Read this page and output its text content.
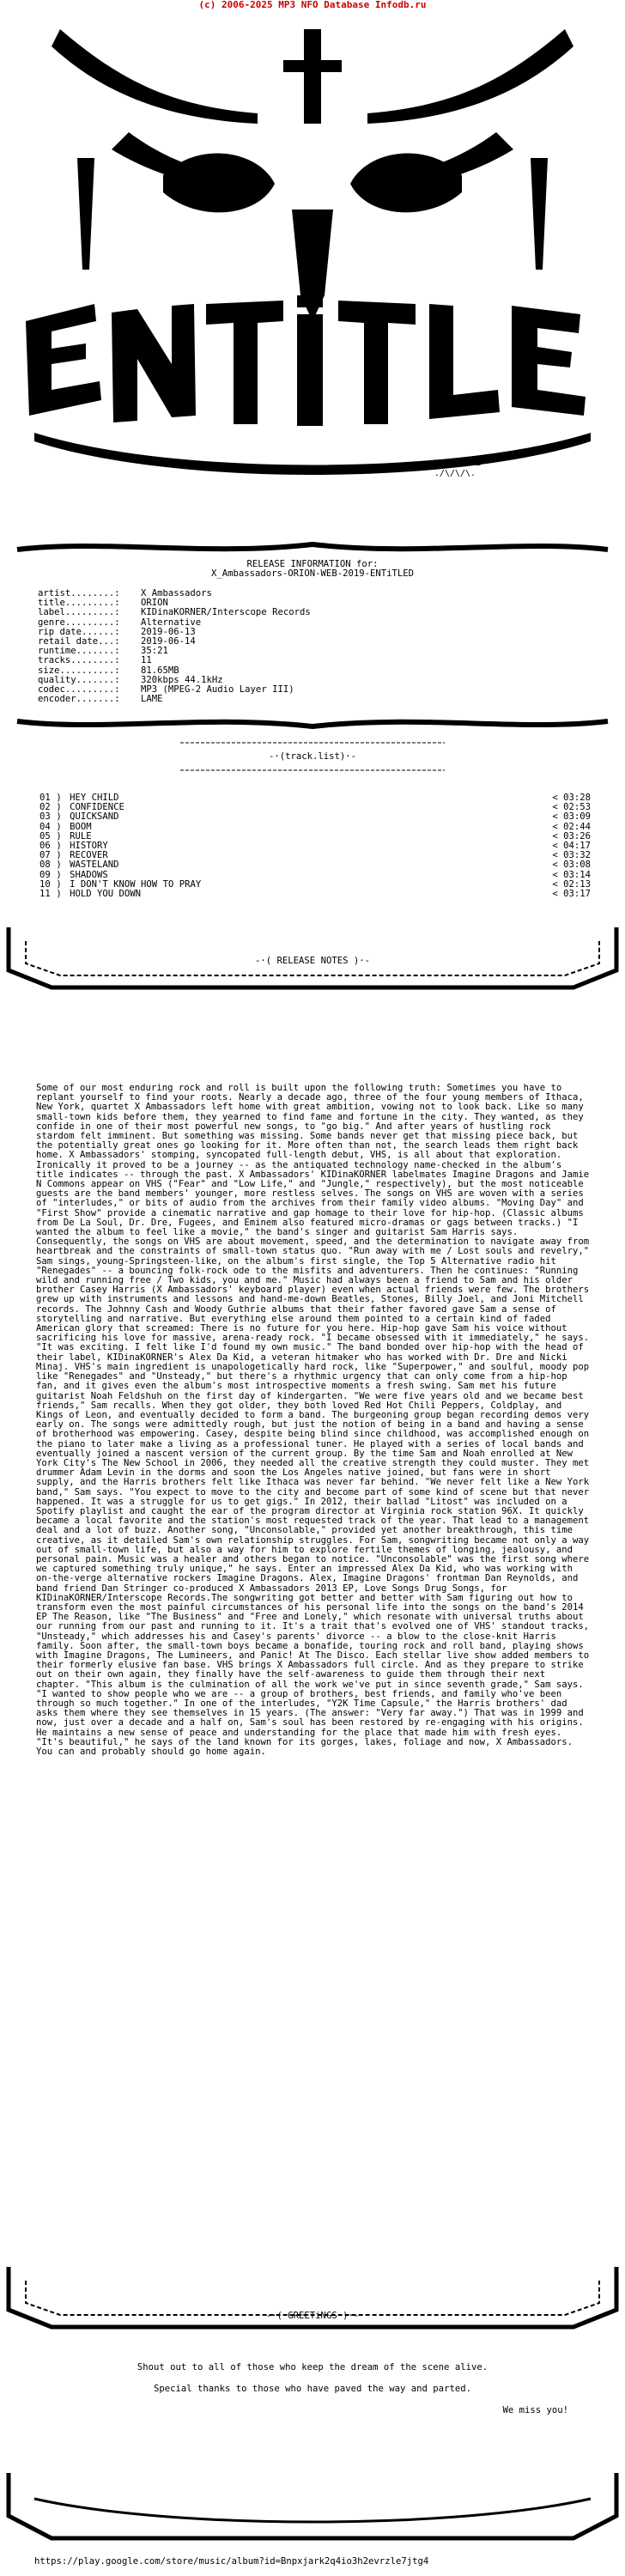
(c) 2006-2025 MP3 NFO Database Infodb.ru
sHIiNMPURE
./\/\/\.
RELEASE INFORMATION for:
X_Ambassadors-ORION-WEB-2019-ENTiTLED
artist........:	X Ambassadors
title.........:	ORION
label.........:	KIDinaKORNER/Interscope Records
genre.........:	Alternative
rip date......:	2019-06-13
retail date...:	2019-06-14
runtime.......:	35:21
tracks........:	11
size..........:	81.65MB
quality.......:	320kbps 44.1kHz
codec.........:	MP3 (MPEG-2 Audio Layer III)
encoder.......:	LAME
-·(track.list)·-
01 ) HEY CHILD	< 03:28
02 ) CONFIDENCE	< 02:53
03 ) QUICKSAND	< 03:09
04 ) BOOM	< 02:44
05 ) RULE	< 03:26
06 ) HISTORY	< 04:17
07 ) RECOVER	< 03:32
08 ) WASTELAND	< 03:08
09 ) SHADOWS	< 03:14
10 ) I DON'T KNOW HOW TO PRAY	< 02:13
11 ) HOLD YOU DOWN	< 03:17
-·( RELEASE NOTES )·-

Some of our most enduring rock and roll is built upon the following truth: Sometimes you have to replant yourself to find your roots. Nearly a decade ago, three of the four young members of Ithaca, New York, quartet X Ambassadors left home with great ambition, vowing not to look back. Like so many small-town kids before them, they yearned to find fame and fortune in the city. They wanted, as they confide in one of their most powerful new songs, to "go big." And after years of hustling rock stardom felt imminent. But something was missing. Some bands never get that missing piece back, but the potentially great ones go looking for it. More often than not, the search leads them right back home. X Ambassadors' stomping, syncopated full-length debut, VHS, is all about that exploration. Ironically it proved to be a journey -- as the antiquated technology name-checked in the album's title indicates -- through the past. X Ambassadors' KIDinaKORNER labelmates Imagine Dragons and Jamie N Commons appear on VHS ("Fear" and "Low Life," and "Jungle," respectively), but the most noticeable guests are the band members' younger, more restless selves. The songs on VHS are woven with a series of "interludes," or bits of audio from the archives from their family video albums. "Moving Day" and "First Show" provide a cinematic narrative and gap homage to their love for hip-hop. (Classic albums from De La Soul, Dr. Dre, Fugees, and Eminem also featured micro-dramas or gags between tracks.) "I wanted the album to feel like a movie," the band's singer and guitarist Sam Harris says. Consequently, the songs on VHS are about movement, speed, and the determination to navigate away from heartbreak and the constraints of small-town status quo. "Run away with me / Lost souls and revelry," Sam sings, young-Springsteen-like, on the album's first single, the Top 5 Alternative radio hit "Renegades" -- a bouncing folk-rock ode to the misfits and adventurers. Then he continues: "Running wild and running free / Two kids, you and me." Music had always been a friend to Sam and his older brother Casey Harris (X Ambassadors' keyboard player) even when actual friends were few. The brothers grew up with instruments and lessons and hand-me-down Beatles, Stones, Billy Joel, and Joni Mitchell records. The Johnny Cash and Woody Guthrie albums that their father favored gave Sam a sense of storytelling and narrative. But everything else around them pointed to a certain kind of faded American glory that screamed: There is no future for you here. Hip-hop gave Sam his voice without sacrificing his love for massive, arena-ready rock. "I became obsessed with it immediately," he says. "It was exciting. I felt like I'd found my own music." The band bonded over hip-hop with the head of their label, KIDinaKORNER's Alex Da Kid, a veteran hitmaker who has worked with Dr. Dre and Nicki Minaj. VHS's main ingredient is unapologetically hard rock, like "Superpower," and soulful, moody pop like "Renegades" and "Unsteady," but there's a rhythmic urgency that can only come from a hip-hop fan, and it gives even the album's most introspective moments a fresh swing. Sam met his future guitarist Noah Feldshuh on the first day of kindergarten. "We were five years old and we became best friends," Sam recalls. When they got older, they both loved Red Hot Chili Peppers, Coldplay, and Kings of Leon, and eventually decided to form a band. The burgeoning group began recording demos very early on. The songs were admittedly rough, but just the notion of being in a band and having a sense of brotherhood was empowering. Casey, despite being blind since childhood, was accomplished enough on the piano to later make a living as a professional tuner. He played with a series of local bands and eventually joined a nascent version of the current group. By the time Sam and Noah enrolled at New York City's The New School in 2006, they needed all the creative strength they could muster. They met drummer Adam Levin in the dorms and soon the Los Angeles native joined, but fans were in short supply, and the Harris brothers felt like Ithaca was never far behind. "We never felt like a New York band," Sam says. "You expect to move to the city and become part of some kind of scene but that never happened. It was a struggle for us to get gigs." In 2012, their ballad "Litost" was included on a Spotify playlist and caught the ear of the program director at Virginia rock station 96X. It quickly became a local favorite and the station's most requested track of the year. That lead to a management deal and a lot of buzz. Another song, "Unconsolable," provided yet another breakthrough, this time creative, as it detailed Sam's own relationship struggles. For Sam, songwriting became not only a way out of small-town life, but also a way for him to explore fertile themes of longing, jealousy, and personal pain. Music was a healer and others began to notice. "Unconsolable" was the first song where we captured something truly unique," he says. Enter an impressed Alex Da Kid, who was working with on-the-verge alternative rockers Imagine Dragons. Alex, Imagine Dragons' frontman Dan Reynolds, and band friend Dan Stringer co-produced X Ambassadors 2013 EP, Love Songs Drug Songs, for KIDinaKORNER/Interscope Records.The songwriting got better and better with Sam figuring out how to transform even the most painful circumstances of his personal life into the songs on the band's 2014 EP The Reason, like "The Business" and "Free and Lonely," which resonate with universal truths about our running from our past and running to it. It's a trait that's evolved one of VHS' standout tracks, "Unsteady," which addresses his and Casey's parents' divorce -- a blow to the close-knit Harris family. Soon after, the small-town boys became a bonafide, touring rock and roll band, playing shows with Imagine Dragons, The Lumineers, and Panic! At The Disco. Each stellar live show added members to their formerly elusive fan base. VHS brings X Ambassadors full circle. And as they prepare to strike out on their own again, they finally have the self-awareness to guide them through their next chapter. "This album is the culmination of all the work we've put in since seventh grade," Sam says. "I wanted to show people who we are -- a group of brothers, best friends, and family who've been through so much together." In one of the interludes, "Y2K Time Capsule," the Harris brothers' dad asks them where they see themselves in 15 years. (The answer: "Very far away.") That was in 1999 and now, just over a decade and a half on, Sam's soul has been restored by re-engaging with his origins. He maintains a new sense of peace and understanding for the place that made him with fresh eyes. "It's beautiful," he says of the land known for its gorges, lakes, foliage and now, X Ambassadors. You can and probably should go home again.

-·( GREETiNGS )·-
Shout out to all of those who keep the dream of the scene alive.
Special thanks to those who have paved the way and parted.
We miss you!
https://play.google.com/store/music/album?id=Bnpxjark2q4io3h2evrzle7jtg4
